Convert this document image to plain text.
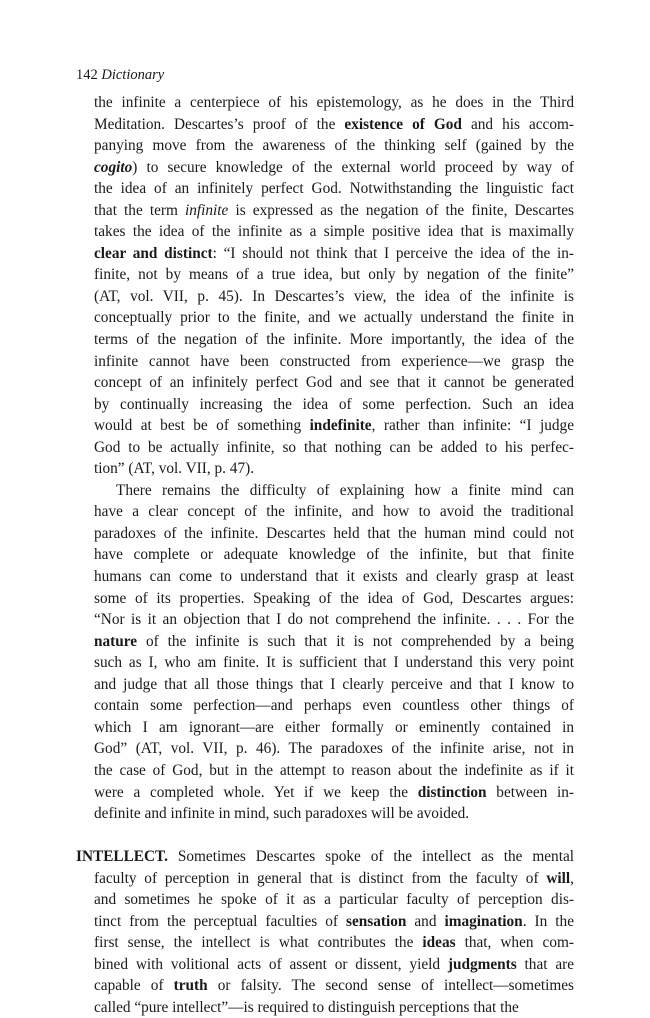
142 Dictionary
the infinite a centerpiece of his epistemology, as he does in the Third
Meditation. Descartes’s proof of the existence of God and his accom-
panying move from the awareness of the thinking self (gained by the
cogito) to secure knowledge of the external world proceed by way of
the idea of an infinitely perfect God. Notwithstanding the linguistic fact
that the term infinite is expressed as the negation of the finite, Descartes
takes the idea of the infinite as a simple positive idea that is maximally
clear and distinct: “I should not think that I perceive the idea of the in-
finite, not by means of a true idea, but only by negation of the finite”
(AT, vol. VII, p. 45). In Descartes’s view, the idea of the infinite is
conceptually prior to the finite, and we actually understand the finite in
terms of the negation of the infinite. More importantly, the idea of the
infinite cannot have been constructed from experience—we grasp the
concept of an infinitely perfect God and see that it cannot be generated
by continually increasing the idea of some perfection. Such an idea
would at best be of something indefinite, rather than infinite: “I judge
God to be actually infinite, so that nothing can be added to his perfec-
tion” (AT, vol. VII, p. 47).
There remains the difficulty of explaining how a finite mind can
have a clear concept of the infinite, and how to avoid the traditional
paradoxes of the infinite. Descartes held that the human mind could not
have complete or adequate knowledge of the infinite, but that finite
humans can come to understand that it exists and clearly grasp at least
some of its properties. Speaking of the idea of God, Descartes argues:
“Nor is it an objection that I do not comprehend the infinite. . . . For the
nature of the infinite is such that it is not comprehended by a being
such as I, who am finite. It is sufficient that I understand this very point
and judge that all those things that I clearly perceive and that I know to
contain some perfection—and perhaps even countless other things of
which I am ignorant—are either formally or eminently contained in
God” (AT, vol. VII, p. 46). The paradoxes of the infinite arise, not in
the case of God, but in the attempt to reason about the indefinite as if it
were a completed whole. Yet if we keep the distinction between in-
definite and infinite in mind, such paradoxes will be avoided.
INTELLECT. Sometimes Descartes spoke of the intellect as the mental
faculty of perception in general that is distinct from the faculty of will,
and sometimes he spoke of it as a particular faculty of perception dis-
tinct from the perceptual faculties of sensation and imagination. In the
first sense, the intellect is what contributes the ideas that, when com-
bined with volitional acts of assent or dissent, yield judgments that are
capable of truth or falsity. The second sense of intellect—sometimes
called “pure intellect”—is required to distinguish perceptions that the
